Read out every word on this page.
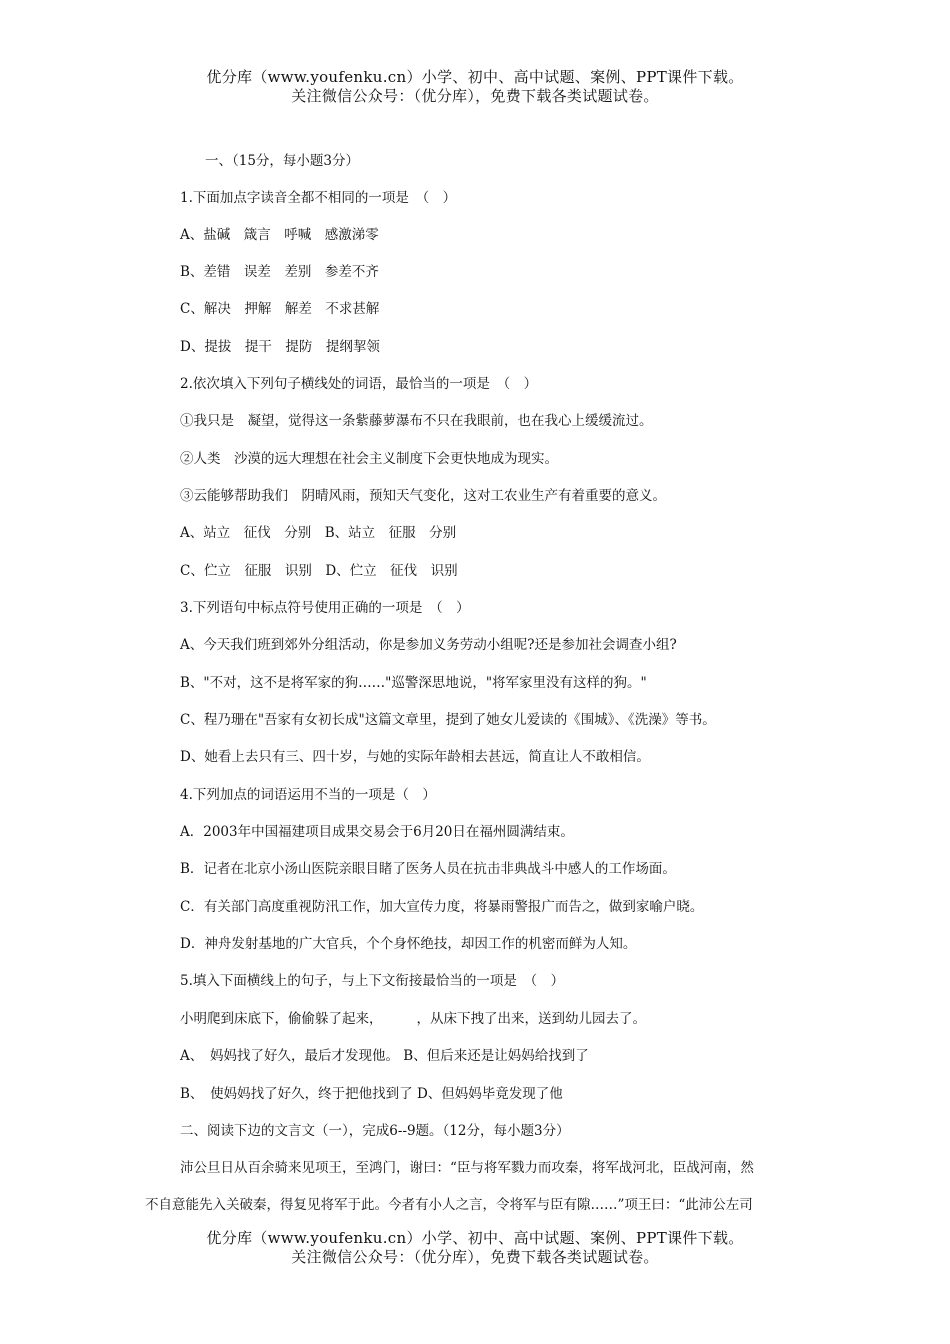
优分库（www.youfenku.cn）小学、初中、高中试题、案例、PPT课件下载。
关注微信公众号：（优分库），免费下载各类试题试卷。
一、（15分，每小题3分）
1.下面加点字读音全都不相同的一项是　（　）
A、盐碱　箴言　呼喊　感激涕零
B、差错　误差　差别　参差不齐
C、解决　押解　解差　不求甚解
D、提拔　提干　提防　提纲挈领
2.依次填入下列句子横线处的词语，最恰当的一项是　（　）
①我只是　凝望，觉得这一条紫藤萝瀑布不只在我眼前，也在我心上缓缓流过。
②人类　沙漠的远大理想在社会主义制度下会更快地成为现实。
③云能够帮助我们　阴晴风雨，预知天气变化，这对工农业生产有着重要的意义。
A、站立　征伐　分别　B、站立　征服　分别
C、伫立　征服　识别　D、伫立　征伐　识别
3.下列语句中标点符号使用正确的一项是　（　）
A、今天我们班到郊外分组活动，你是参加义务劳动小组呢?还是参加社会调查小组?
B、"不对，这不是将军家的狗……"巡警深思地说，"将军家里没有这样的狗。"
C、程乃珊在"吾家有女初长成"这篇文章里，提到了她女儿爱读的《围城》、《洗澡》等书。
D、她看上去只有三、四十岁，与她的实际年龄相去甚远，简直让人不敢相信。
4.下列加点的词语运用不当的一项是（　）
A．2003年中国福建项目成果交易会于6月20日在福州圆满结束。
B．记者在北京小汤山医院亲眼目睹了医务人员在抗击非典战斗中感人的工作场面。
C．有关部门高度重视防汛工作，加大宣传力度，将暴雨警报广而告之，做到家喻户晓。
D．神舟发射基地的广大官兵，个个身怀绝技，却因工作的机密而鲜为人知。
5.填入下面横线上的句子，与上下文衔接最恰当的一项是　（　）
小明爬到床底下，偷偷躲了起来，	，从床下拽了出来，送到幼儿园去了。
A、　妈妈找了好久，最后才发现他。 B、但后来还是让妈妈给找到了
B、　使妈妈找了好久，终于把他找到了 D、但妈妈毕竟发现了他
二、阅读下边的文言文（一），完成6--9题。（12分，每小题3分）
沛公旦日从百余骑来见项王，至鸿门，谢曰：“臣与将军戮力而攻秦，将军战河北，臣战河南，然
不自意能先入关破秦，得复见将军于此。今者有小人之言，令将军与臣有隙……”项王曰：“此沛公左司
优分库（www.youfenku.cn）小学、初中、高中试题、案例、PPT课件下载。
关注微信公众号：（优分库），免费下载各类试题试卷。
